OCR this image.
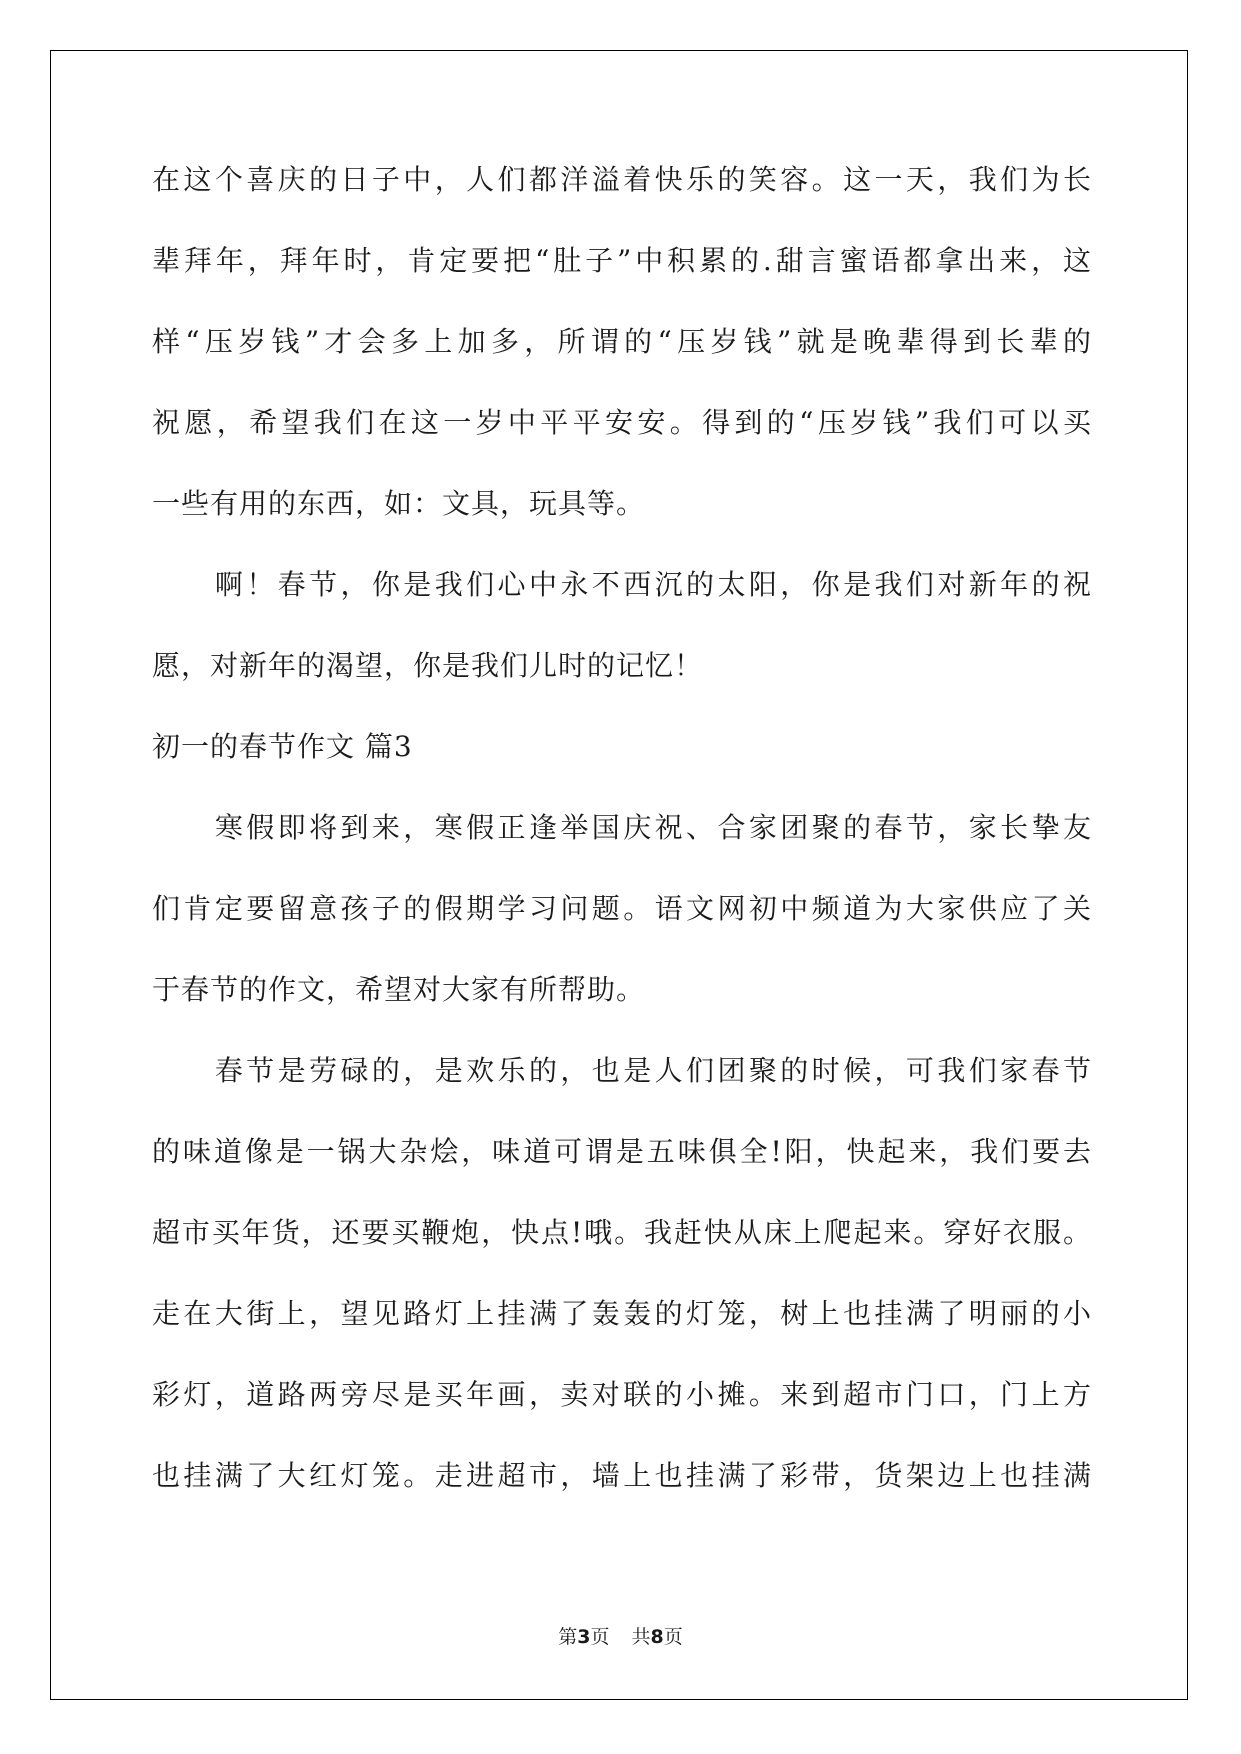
在这个喜庆的日子中，人们都洋溢着快乐的笑容。这一天，我们为长
辈拜年，拜年时，肯定要把“肚子”中积累的.甜言蜜语都拿出来，这
样“压岁钱”才会多上加多，所谓的“压岁钱”就是晚辈得到长辈的
祝愿，希望我们在这一岁中平平安安。得到的“压岁钱”我们可以买
一些有用的东西，如：文具，玩具等。
　　啊！春节，你是我们心中永不西沉的太阳，你是我们对新年的祝
愿，对新年的渴望，你是我们儿时的记忆！
初一的春节作文 篇3
　　寒假即将到来，寒假正逢举国庆祝、合家团聚的春节，家长挚友
们肯定要留意孩子的假期学习问题。语文网初中频道为大家供应了关
于春节的作文，希望对大家有所帮助。
　　春节是劳碌的，是欢乐的，也是人们团聚的时候，可我们家春节
的味道像是一锅大杂烩，味道可谓是五味俱全!阳，快起来，我们要去
超市买年货，还要买鞭炮，快点!哦。我赶快从床上爬起来。穿好衣服。
走在大街上，望见路灯上挂满了轰轰的灯笼，树上也挂满了明丽的小
彩灯，道路两旁尽是买年画，卖对联的小摊。来到超市门口，门上方
也挂满了大红灯笼。走进超市，墙上也挂满了彩带，货架边上也挂满
第3页 共8页
